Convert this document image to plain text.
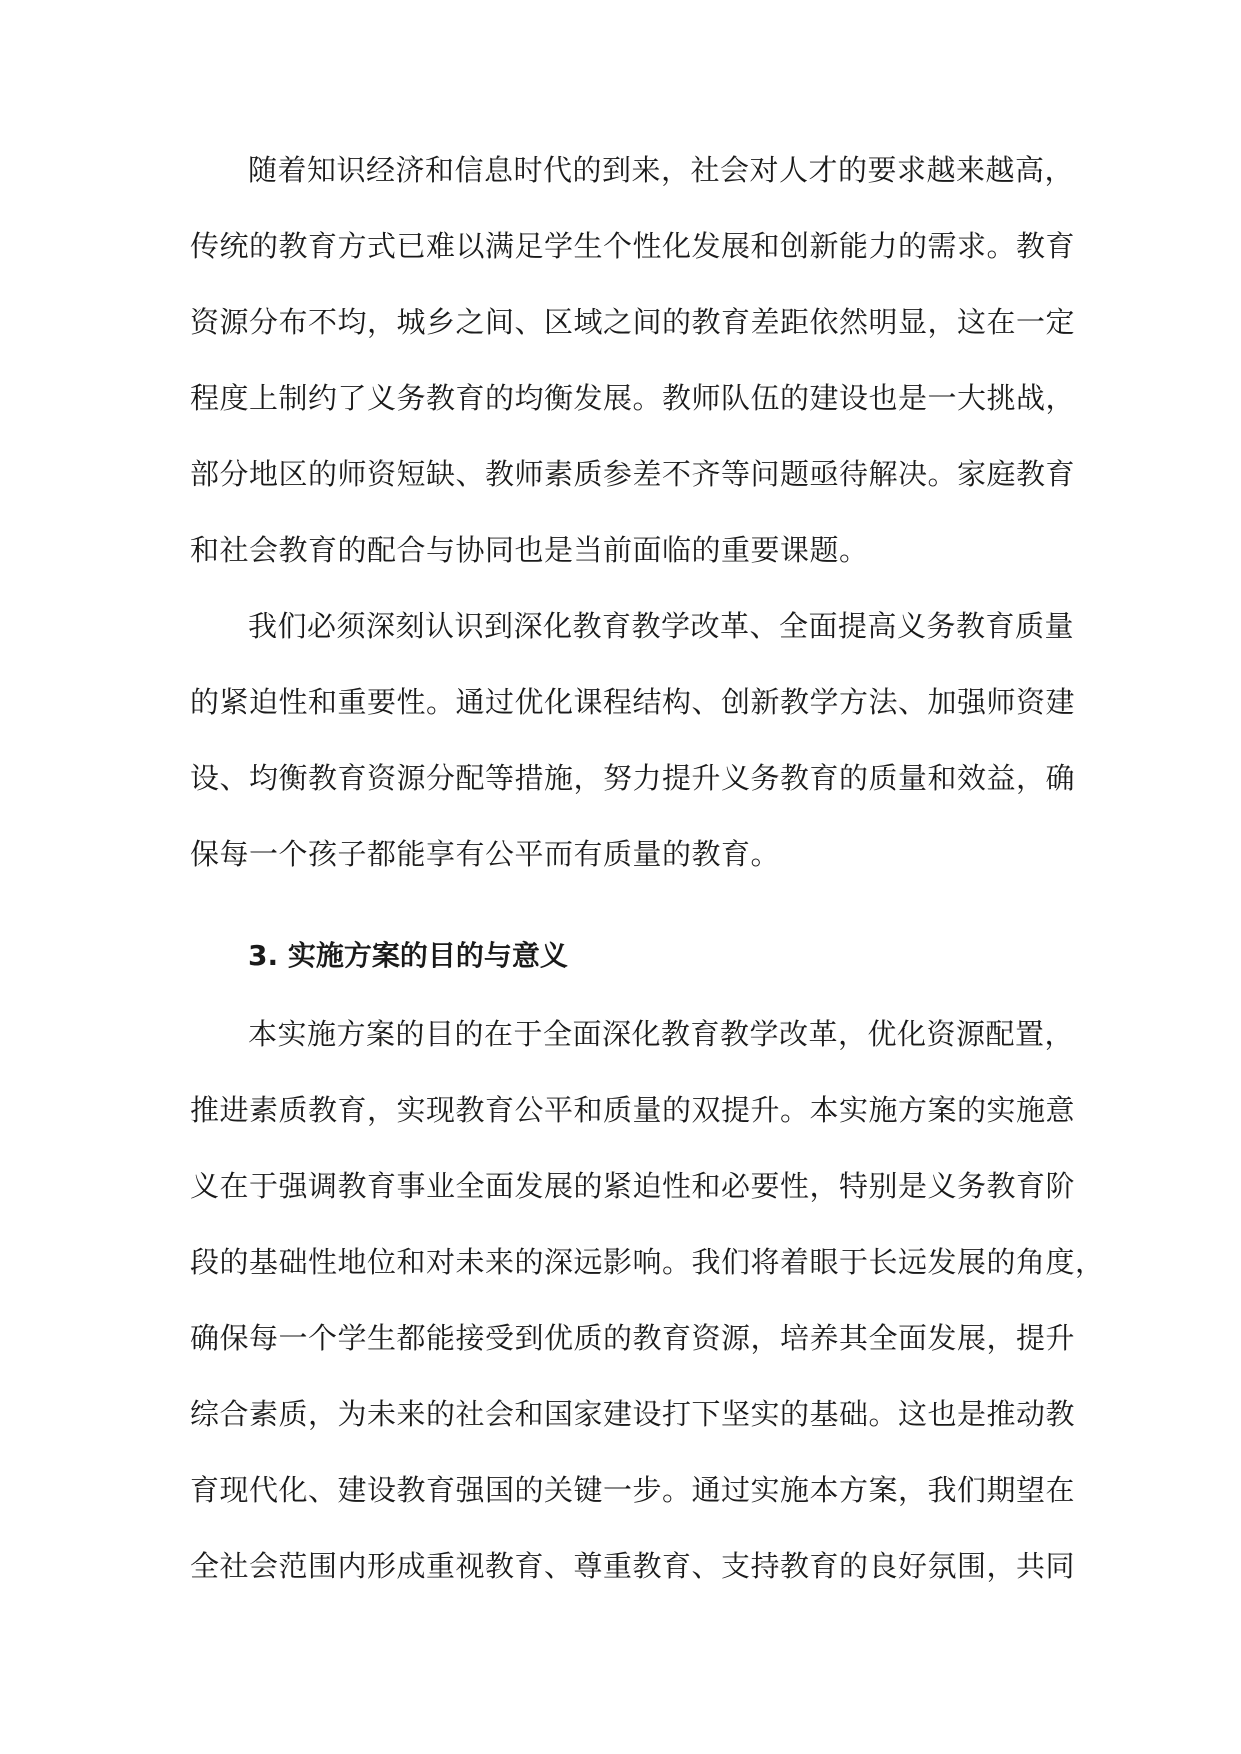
随着知识经济和信息时代的到来，社会对人才的要求越来越高，
传统的教育方式已难以满足学生个性化发展和创新能力的需求。教育
资源分布不均，城乡之间、区域之间的教育差距依然明显，这在一定
程度上制约了义务教育的均衡发展。教师队伍的建设也是一大挑战，
部分地区的师资短缺、教师素质参差不齐等问题亟待解决。家庭教育
和社会教育的配合与协同也是当前面临的重要课题。
我们必须深刻认识到深化教育教学改革、全面提高义务教育质量
的紧迫性和重要性。通过优化课程结构、创新教学方法、加强师资建
设、均衡教育资源分配等措施，努力提升义务教育的质量和效益，确
保每一个孩子都能享有公平而有质量的教育。
3. 实施方案的目的与意义
本实施方案的目的在于全面深化教育教学改革，优化资源配置，
推进素质教育，实现教育公平和质量的双提升。本实施方案的实施意
义在于强调教育事业全面发展的紧迫性和必要性，特别是义务教育阶
段的基础性地位和对未来的深远影响。我们将着眼于长远发展的角度，
确保每一个学生都能接受到优质的教育资源，培养其全面发展，提升
综合素质，为未来的社会和国家建设打下坚实的基础。这也是推动教
育现代化、建设教育强国的关键一步。通过实施本方案，我们期望在
全社会范围内形成重视教育、尊重教育、支持教育的良好氛围，共同
